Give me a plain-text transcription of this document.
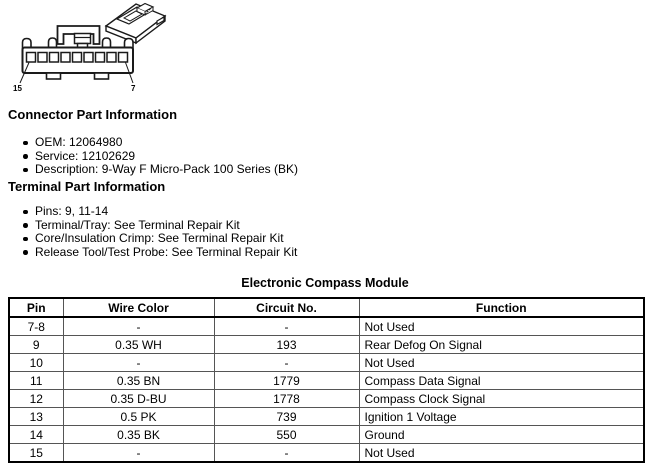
15	7
Connector Part Information
OEM: 12064980
Service: 12102629
Description: 9-Way F Micro-Pack 100 Series (BK)
Terminal Part Information
Pins: 9, 11-14
Terminal/Tray: See Terminal Repair Kit
Core/Insulation Crimp: See Terminal Repair Kit
Release Tool/Test Probe: See Terminal Repair Kit
Electronic Compass Module
Pin	Wire Color	Circuit No.	Function
7-8	-	-	Not Used
9	0.35 WH	193	Rear Defog On Signal
10	-	-	Not Used
11	0.35 BN	1779	Compass Data Signal
12	0.35 D-BU	1778	Compass Clock Signal
13	0.5 PK	739	Ignition 1 Voltage
14	0.35 BK	550	Ground
15	-	-	Not Used
